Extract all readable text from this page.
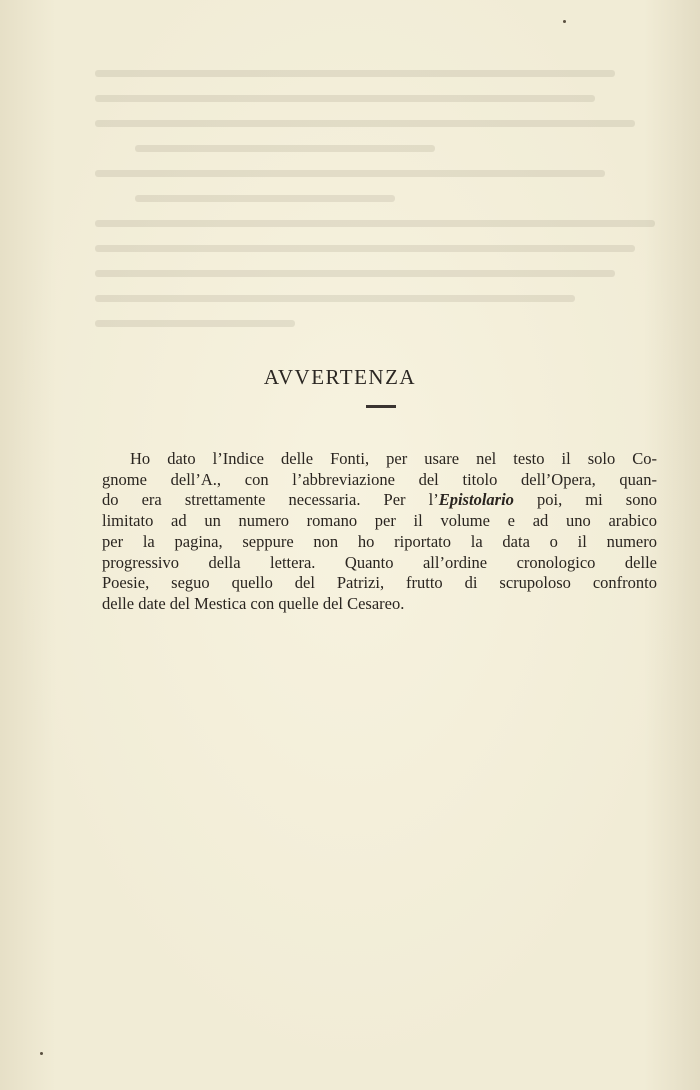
AVVERTENZA
Ho dato l’Indice delle Fonti, per usare nel testo il solo Co-
gnome dell’A., con l’abbreviazione del titolo dell’Opera, quan-
do era strettamente necessaria. Per l’Epistolario poi, mi sono
limitato ad un numero romano per il volume e ad uno arabico
per la pagina, seppure non ho riportato la data o il numero
progressivo della lettera. Quanto all’ordine cronologico delle
Poesie, seguo quello del Patrizi, frutto di scrupoloso confronto
delle date del Mestica con quelle del Cesareo.
